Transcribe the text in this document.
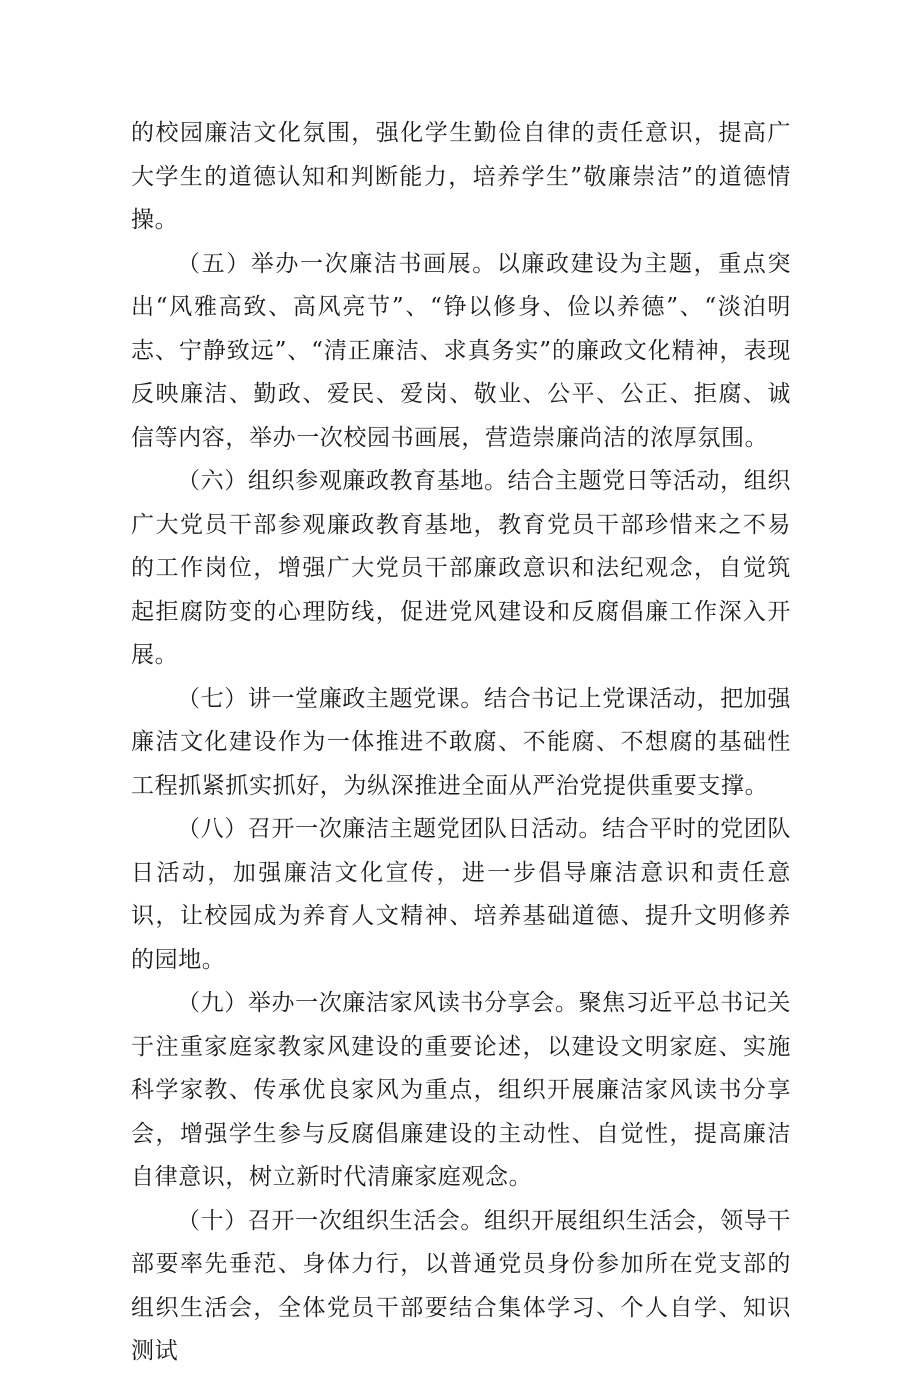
的校园廉洁文化氛围，强化学生勤俭自律的责任意识，提高广大学生的道德认知和判断能力，培养学生”敬廉崇洁”的道德情操。

（五）举办一次廉洁书画展。以廉政建设为主题，重点突出“风雅高致、高风亮节”、“铮以修身、俭以养德”、“淡泊明志、宁静致远”、“清正廉洁、求真务实”的廉政文化精神，表现反映廉洁、勤政、爱民、爱岗、敬业、公平、公正、拒腐、诚信等内容，举办一次校园书画展，营造崇廉尚洁的浓厚氛围。

（六）组织参观廉政教育基地。结合主题党日等活动，组织广大党员干部参观廉政教育基地，教育党员干部珍惜来之不易的工作岗位，增强广大党员干部廉政意识和法纪观念，自觉筑起拒腐防变的心理防线，促进党风建设和反腐倡廉工作深入开展。

（七）讲一堂廉政主题党课。结合书记上党课活动，把加强廉洁文化建设作为一体推进不敢腐、不能腐、不想腐的基础性工程抓紧抓实抓好，为纵深推进全面从严治党提供重要支撑。

（八）召开一次廉洁主题党团队日活动。结合平时的党团队日活动，加强廉洁文化宣传，进一步倡导廉洁意识和责任意识，让校园成为养育人文精神、培养基础道德、提升文明修养的园地。

（九）举办一次廉洁家风读书分享会。聚焦习近平总书记关于注重家庭家教家风建设的重要论述，以建设文明家庭、实施科学家教、传承优良家风为重点，组织开展廉洁家风读书分享会，增强学生参与反腐倡廉建设的主动性、自觉性，提高廉洁自律意识，树立新时代清廉家庭观念。

（十）召开一次组织生活会。组织开展组织生活会，领导干部要率先垂范、身体力行，以普通党员身份参加所在党支部的组织生活会，全体党员干部要结合集体学习、个人自学、知识测试
